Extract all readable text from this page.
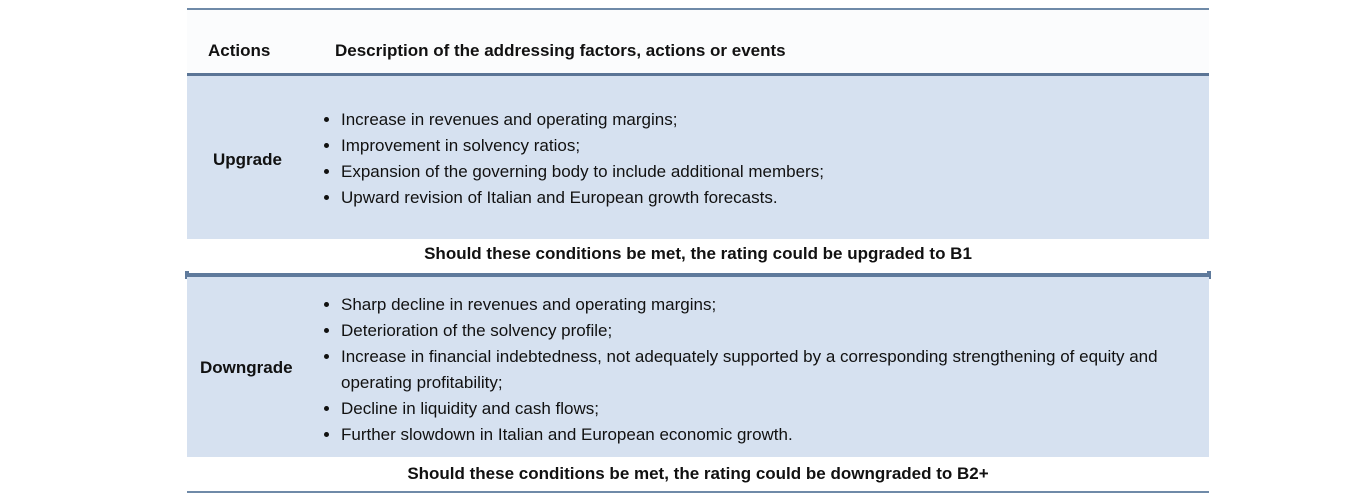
Actions	Description of the addressing factors, actions or events
Upgrade
• Increase in revenues and operating margins;
• Improvement in solvency ratios;
• Expansion of the governing body to include additional members;
• Upward revision of Italian and European growth forecasts.
Should these conditions be met, the rating could be upgraded to B1
Downgrade
• Sharp decline in revenues and operating margins;
• Deterioration of the solvency profile;
• Increase in financial indebtedness, not adequately supported by a corresponding strengthening of equity and operating profitability;
• Decline in liquidity and cash flows;
• Further slowdown in Italian and European economic growth.
Should these conditions be met, the rating could be downgraded to B2+
